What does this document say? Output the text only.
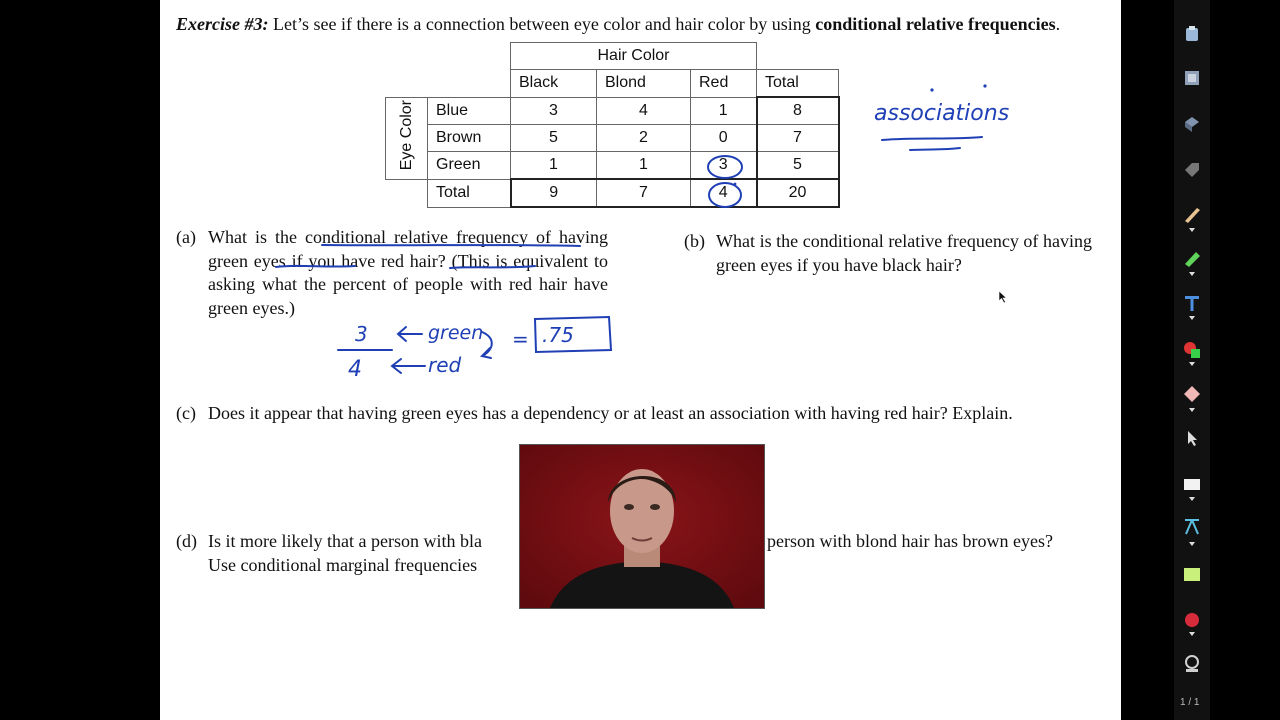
Exercise #3: Let’s see if there is a connection between eye color and hair color by using conditional relative frequencies.
		Hair Color			
		Black	Blond	Red	Total
Eye Color	Blue	3	4	1	8
	Brown	5	2	0	7
	Green	1	1	3	5
	Total	9	7	4	20
(a) What is the conditional relative frequency of having green eyes if you have red hair? (This is equivalent to asking what the percent of people with red hair have green eyes.)
(b) What is the conditional relative frequency of having green eyes if you have black hair?
(c) Does it appear that having green eyes has a dependency or at least an association with having red hair? Explain.
(d) Is it more likely that a person with bla
Use conditional marginal frequencies
person with blond hair has brown eyes?
associations
3
4
green
red
= .75
1 / 1
